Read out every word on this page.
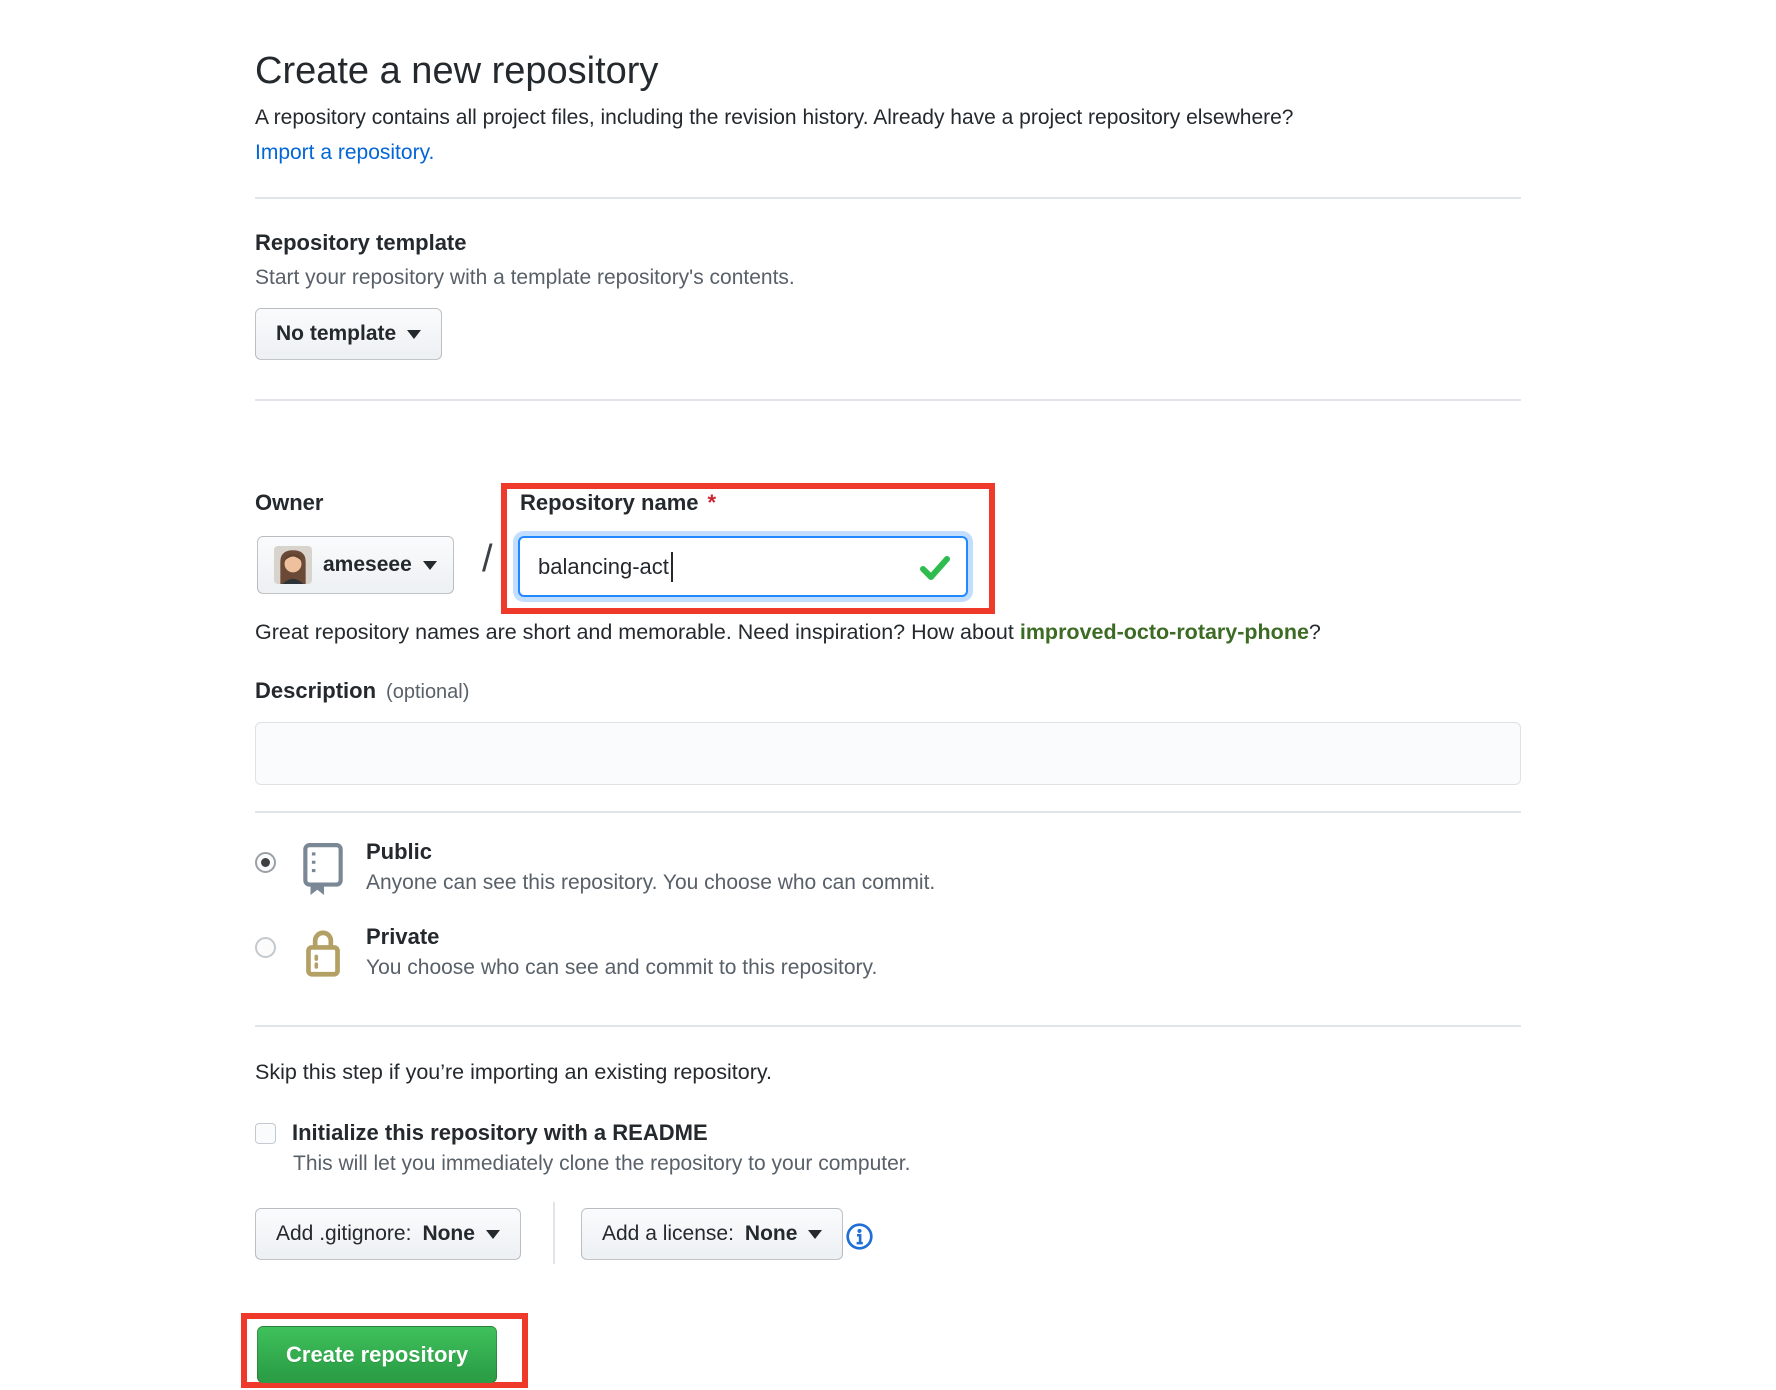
Create a new repository

A repository contains all project files, including the revision history. Already have a project repository elsewhere?

Import a repository.
Repository template

Start your repository with a template repository's contents.

No template
Owner	Repository name *
ameseee / balancing-act

Great repository names are short and memorable. Need inspiration? How about improved-octo-rotary-phone?

Description (optional)
Public
Anyone can see this repository. You choose who can commit.
Private
You choose who can see and commit to this repository.

Skip this step if you’re importing an existing repository.

Initialize this repository with a README

This will let you immediately clone the repository to your computer.

Add .gitignore: None	Add a license: None
Create repository
